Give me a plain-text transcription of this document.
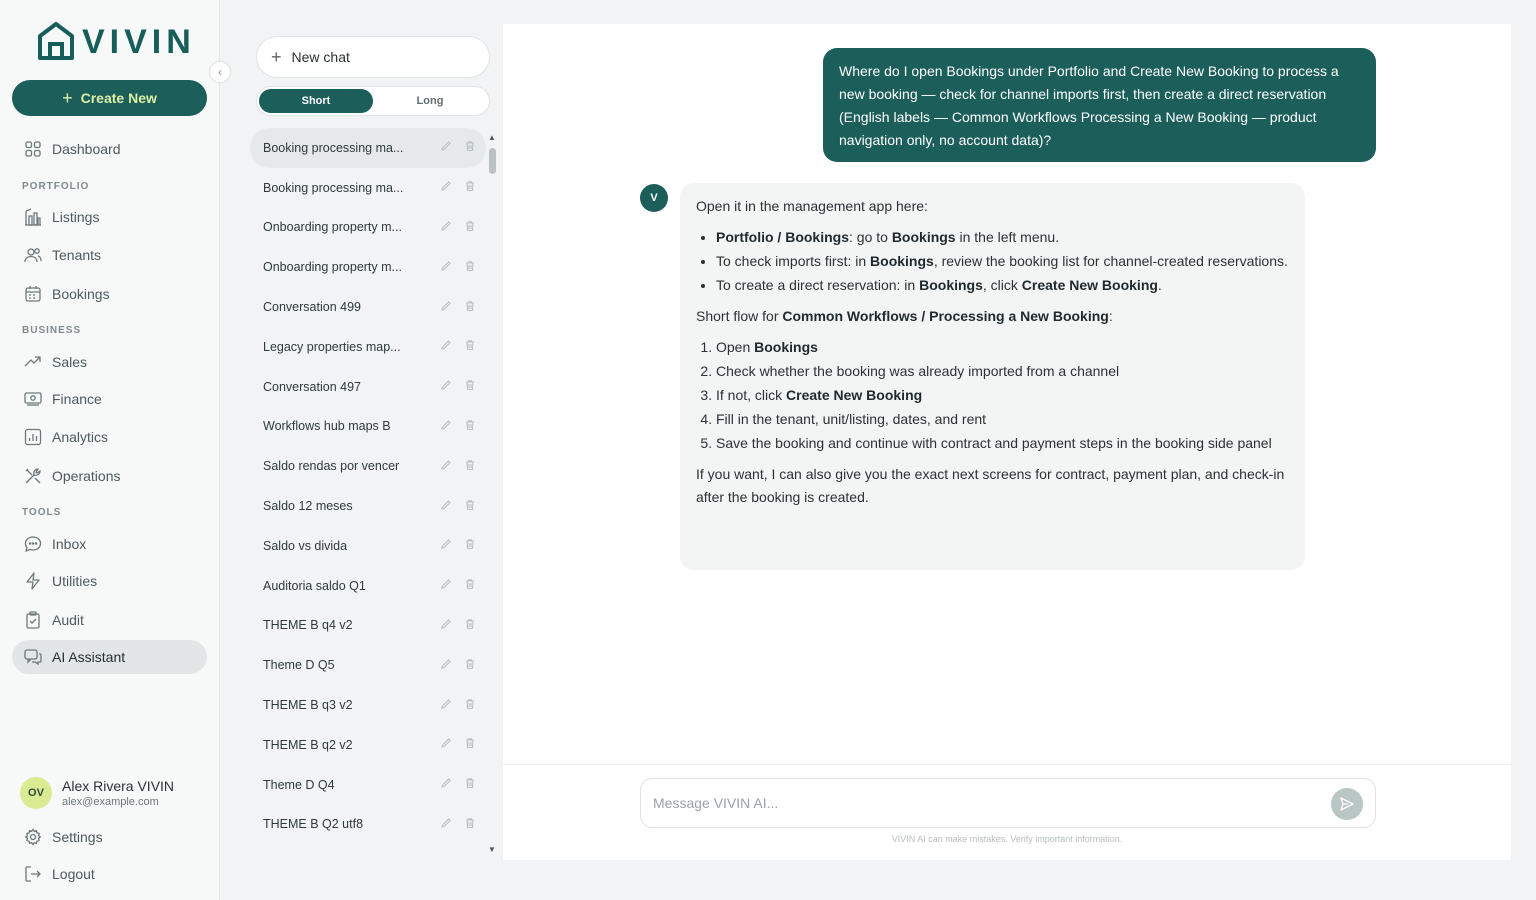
VIVIN
+ Create New
Dashboard
PORTFOLIO
Listings
Tenants
Bookings
BUSINESS
Sales
Finance
Analytics
Operations
TOOLS
Inbox
Utilities
Audit
AI Assistant
OV	Alex Rivera VIVIN
alex@example.com
Settings
Logout
‹
+ New chat
Short	Long
Booking processing ma...
Booking processing ma...
Onboarding property m...
Onboarding property m...
Conversation 499
Legacy properties map...
Conversation 497
Workflows hub maps B
Saldo rendas por vencer
Saldo 12 meses
Saldo vs divida
Auditoria saldo Q1
THEME B q4 v2
Theme D Q5
THEME B q3 v2
THEME B q2 v2
Theme D Q4
THEME B Q2 utf8
▲
▼
Where do I open Bookings under Portfolio and Create New Booking to process a new booking — check for channel imports first, then create a direct reservation (English labels — Common Workflows Processing a New Booking — product navigation only, no account data)?
V	Open it in the management app here:

• Portfolio / Bookings: go to Bookings in the left menu.
• To check imports first: in Bookings, review the booking list for channel-created reservations.
• To create a direct reservation: in Bookings, click Create New Booking.

Short flow for Common Workflows / Processing a New Booking:

1. Open Bookings
2. Check whether the booking was already imported from a channel
3. If not, click Create New Booking
4. Fill in the tenant, unit/listing, dates, and rent
5. Save the booking and continue with contract and payment steps in the booking side panel

If you want, I can also give you the exact next screens for contract, payment plan, and check-in after the booking is created.

Message VIVIN AI...
VIVIN AI can make mistakes. Verify important information.
